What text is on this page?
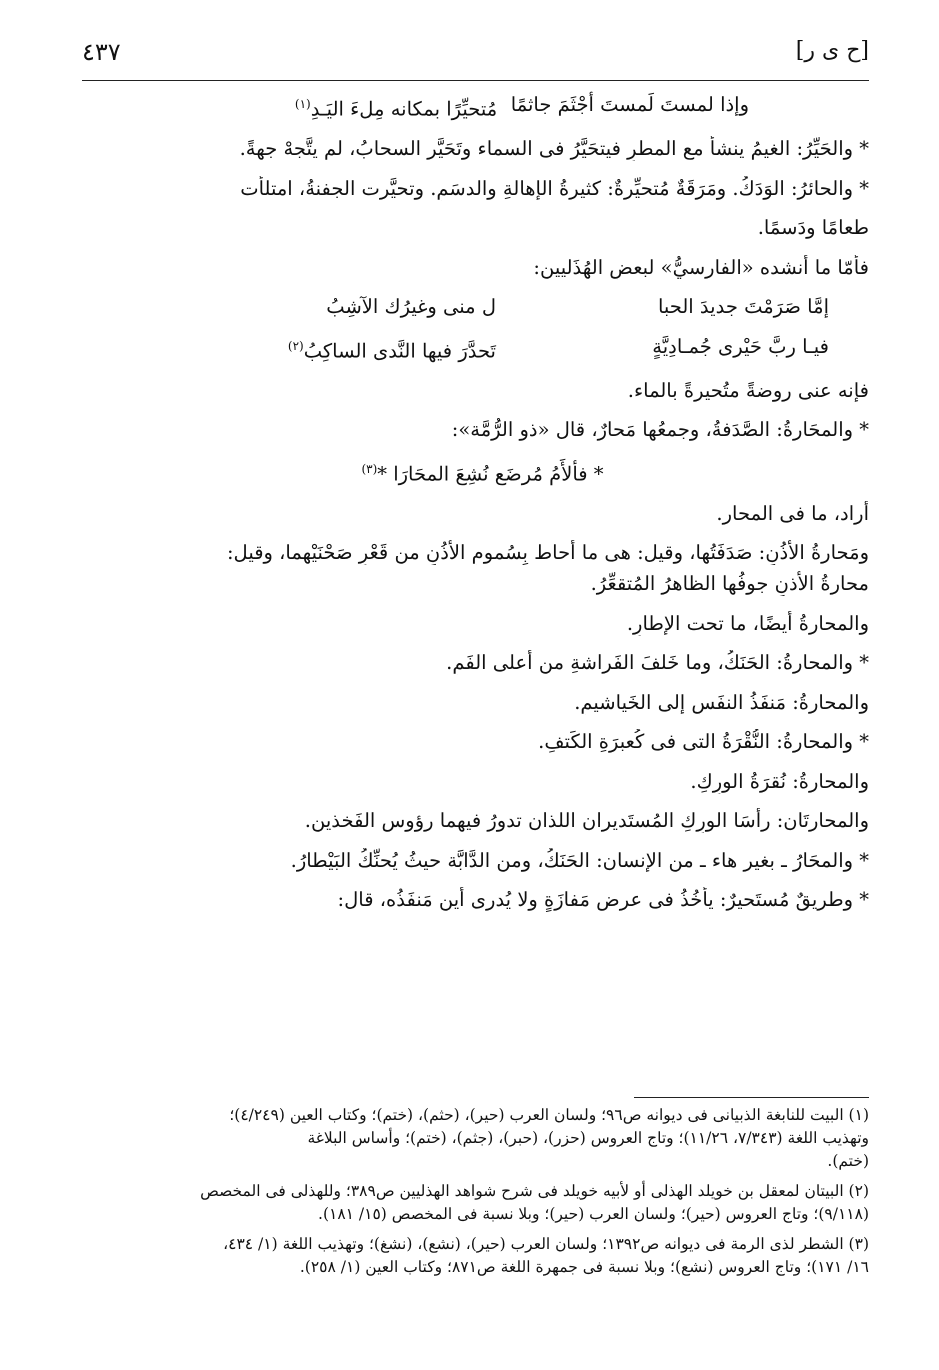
[ح ى ر]
٤٣٧
وإذا لمستَ لَمستَ أجْثَمَ جاثمًا
مُتحيِّرًا بمكانه مِلءَ اليَـدِ$^{(١)}$

* والحَيِّرُ: الغيمُ ينشأُ مع المطرِ فيتحَيَّرُ فى السماء وتَحَيَّر السحابُ، لم يتَّجهْ جهةً.

* والحائرُ: الوَدَكُ. ومَرَقَةٌ مُتحيِّرةٌ: كثيرةُ الإهالةِ والدسَمِ. وتحيَّرت الجفنةُ، امتلأت

طعامًا ودَسمًا.

فأمّا ما أنشده «الفارسيُّ» لبعضِ الهُذَليين:

إمَّا صَرَمْتَ جديدَ الحبا
ل منى وغيرُك الآشِبُ
فيـا ربَّ حَيْرى جُمـادِيَّةٍ
تَحدَّرَ فيها النَّدى الساكِبُ$^{(٢)}$

فإنه عنى روضةً متُحيرةً بالماء.

* والمحَارةُ: الصَّدَفةُ، وجمعُها مَحارٌ، قال «ذو الرُّمَّة»:

* فألأَمُ مُرضَعٍ نُشِعَ المحَارَا *$^{(٣)}$

أراد، ما فى المحار.

ومَحارةُ الأُذُنِ: صَدَفَتُها، وقيل: هى ما أحاط بِسُمومِ الأُذُنِ من قَعْرِ صَحْنَيْهما، وقيل:

محارةُ الأذنِ جوفُها الظاهرُ المُتقعِّرُ.

والمحارةُ أيضًا، ما تحت الإطارِ.

* والمحارةُ: الحَنَكُ، وما خَلفَ الفَراشةِ من أعلى الفَمِ.

والمحارةُ: مَنفَذُ النفَسِ إلى الخَياشيمِ.

* والمحارةُ: النُّقْرَةُ التى فى كُعبرَةِ الكَتفِ.

والمحارةُ: نُقرَةُ الورِكِ.

والمحارتَان: رأسَا الورِكِ المُستَديران اللذان تدورُ فيهما رؤوس الفَخذين.

* والمحَارُ ـ بغير هاء ـ من الإنسان: الحَنَكُ، ومن الدَّابَّة حيثُ يُحنِّكُ البَيْطارُ.

* وطريقٌ مُستَحيرٌ: يأخُذُ فى عرضِ مَفازَةٍ ولا يُدرى أين مَنفَذُه، قال:

(١) البيت للنابغة الذبيانى فى ديوانه ص٩٦؛ ولسان العرب (حير)، (حثم)، (ختم)؛ وكتاب العين (٤/٢٤٩)؛

وتهذيب اللغة (٧/٣٤٣، ١١/٢٦)؛ وتاج العروس (حزر)، (حبر)، (جثم)، (ختم)؛ وأساس البلاغة

(ختم).

(٢) البيتان لمعقل بن خويلد الهذلى أو لأبيه خويلد فى شرح شواهد الهذليين ص٣٨٩؛ وللهذلى فى المخصص

(٩/١١٨)؛ وتاج العروس (حير)؛ ولسان العرب (حير)؛ وبلا نسبة فى المخصص (١٥/ ١٨١).

(٣) الشطر لذى الرمة فى ديوانه ص١٣٩٢؛ ولسان العرب (حير)، (نشع)، (نشغ)؛ وتهذيب اللغة (١/ ٤٣٤،

١٦/ ١٧١)؛ وتاج العروس (نشع)؛ وبلا نسبة فى جمهرة اللغة ص٨٧١؛ وكتاب العين (١/ ٢٥٨).
